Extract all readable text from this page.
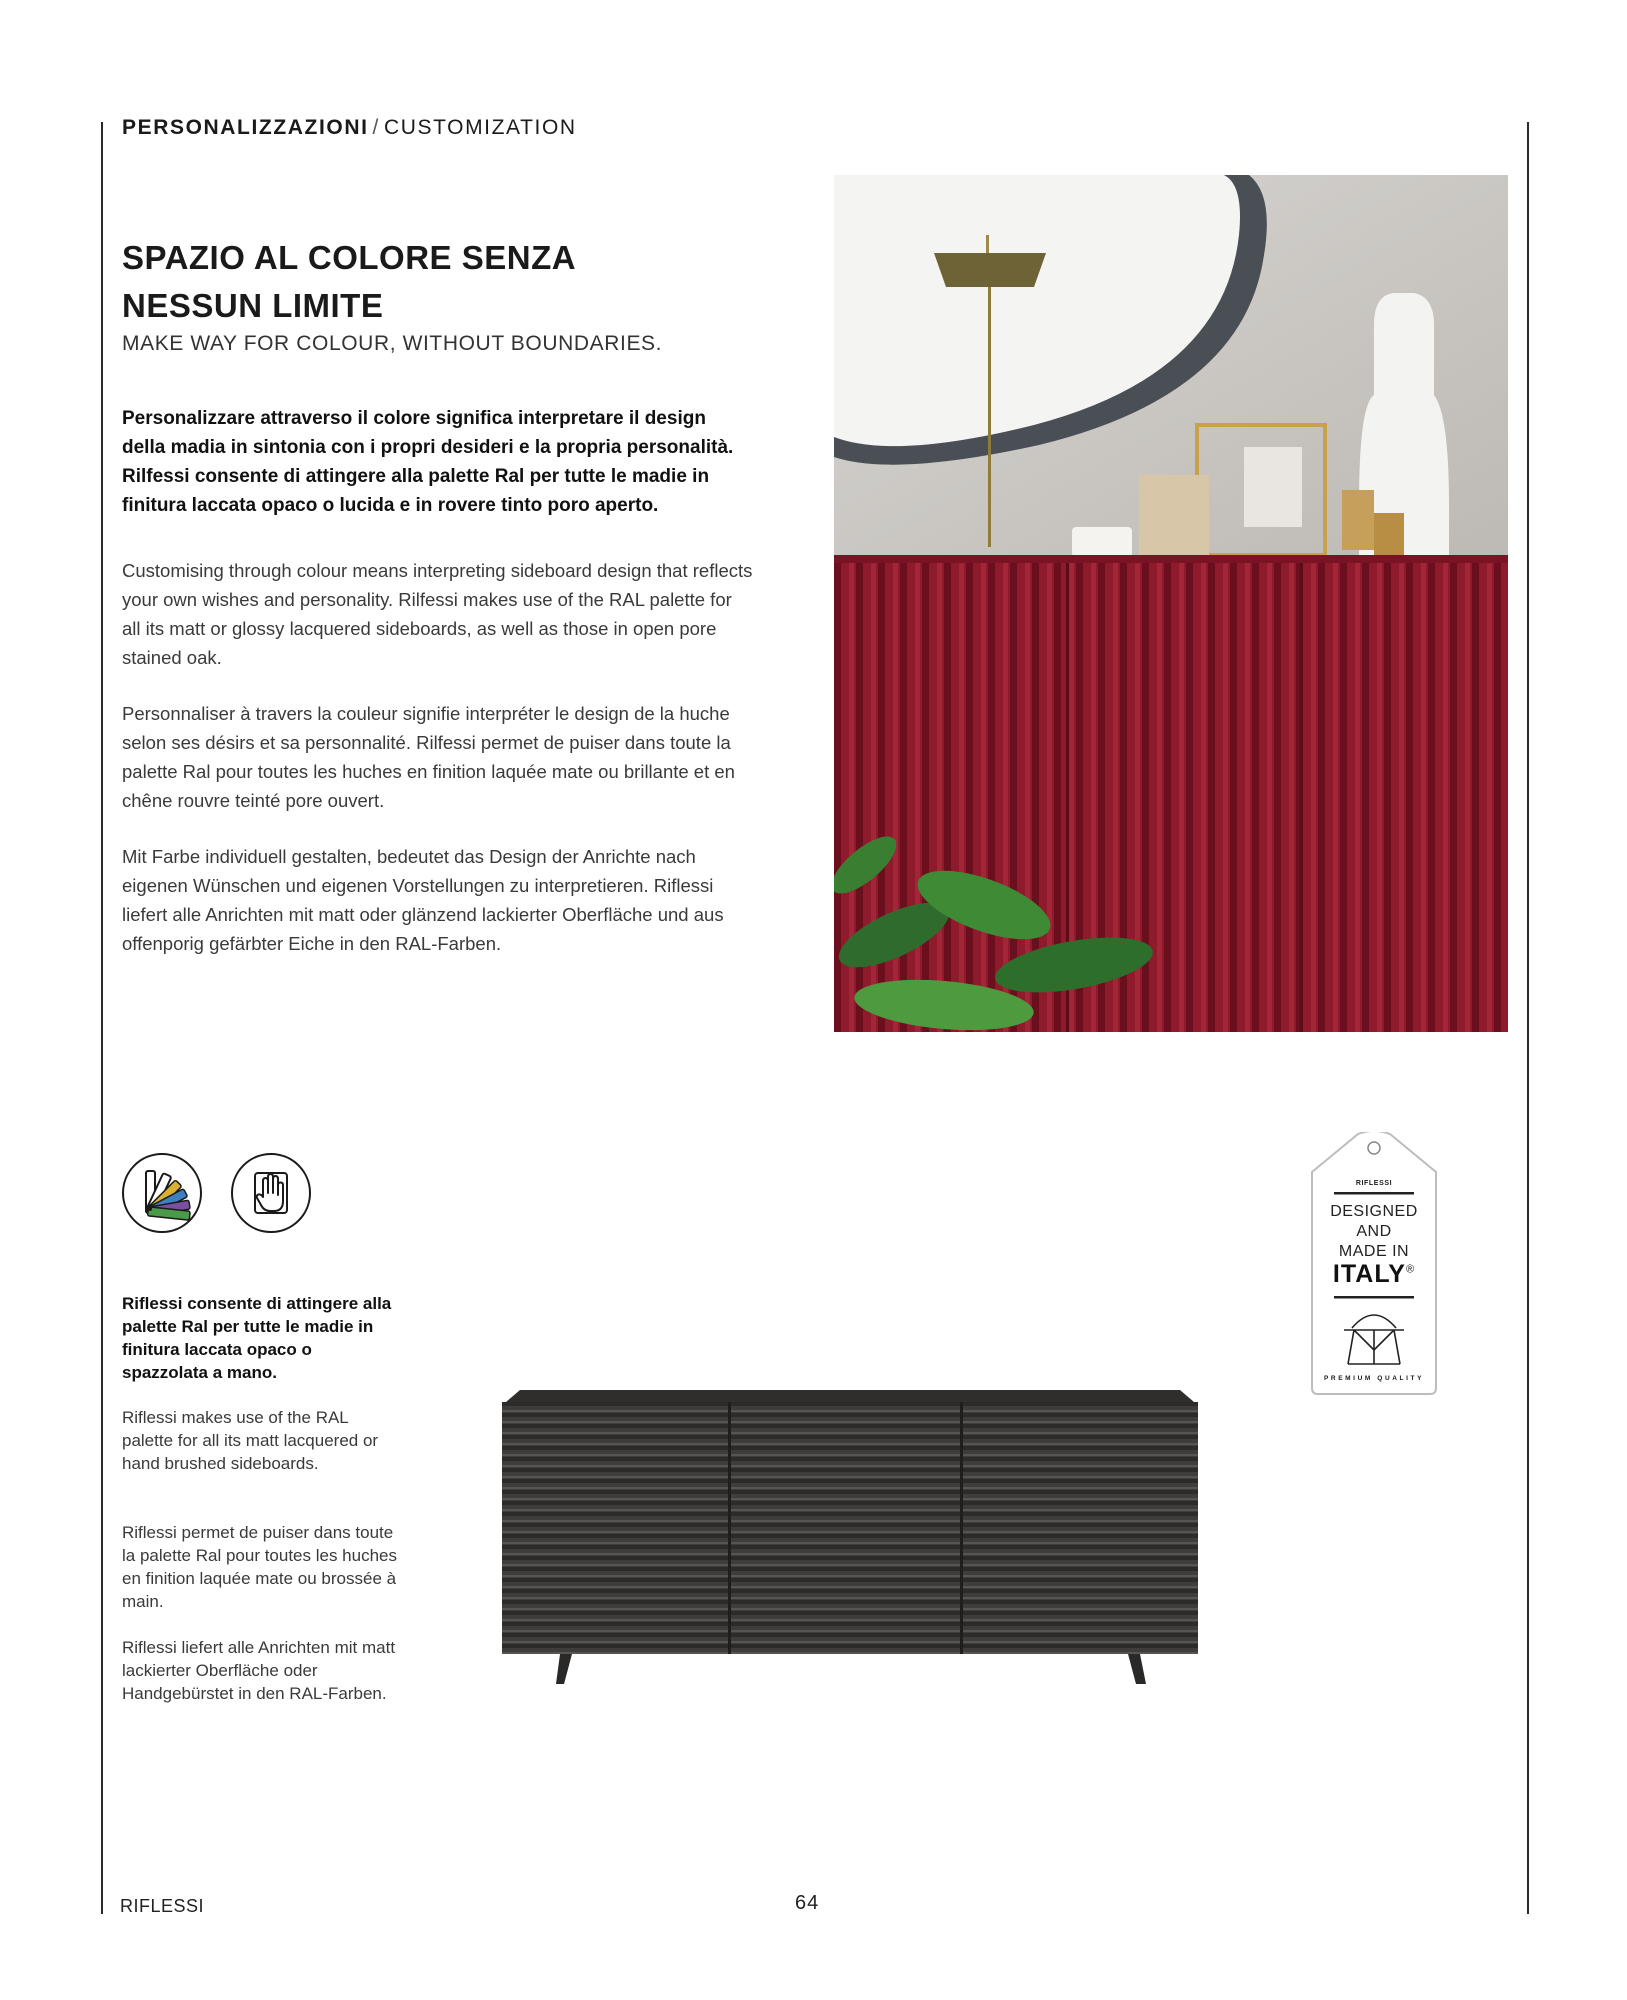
PERSONALIZZAZIONI / CUSTOMIZATION
SPAZIO AL COLORE SENZA
NESSUN LIMITE
MAKE WAY FOR COLOUR, WITHOUT BOUNDARIES.

Personalizzare attraverso il colore significa interpretare il design della madia in sintonia con i propri desideri e la propria personalità. Rilfessi consente di attingere alla palette Ral per tutte le madie in finitura laccata opaco o lucida e in rovere tinto poro aperto.

Customising through colour means interpreting sideboard design that reflects your own wishes and personality. Rilfessi makes use of the RAL palette for all its matt or glossy lacquered sideboards, as well as those in open pore stained oak.

Personnaliser à travers la couleur signifie interpréter le design de la huche selon ses désirs et sa personnalité. Rilfessi permet de puiser dans toute la palette Ral pour toutes les huches en finition laquée mate ou brillante et en chêne rouvre teinté pore ouvert.

Mit Farbe individuell gestalten, bedeutet das Design der Anrichte nach eigenen Wünschen und eigenen Vorstellungen zu interpretieren. Riflessi liefert alle Anrichten mit matt oder glänzend lackierter Oberfläche und aus offenporig gefärbter Eiche in den RAL-Farben.

Riflessi consente di attingere alla palette Ral per tutte le madie in finitura laccata opaco o spazzolata a mano.

Riflessi makes use of the RAL palette for all its matt lacquered or hand brushed sideboards.

Riflessi permet de puiser dans toute la palette Ral pour toutes les huches en finition laquée mate ou brossée à main.

Riflessi liefert alle Anrichten mit matt lackierter Oberfläche oder Handgebürstet in den RAL-Farben.

RIFLESSI
DESIGNED
AND
MADE IN
ITALY®
PREMIUM QUALITY
RIFLESSI	64
